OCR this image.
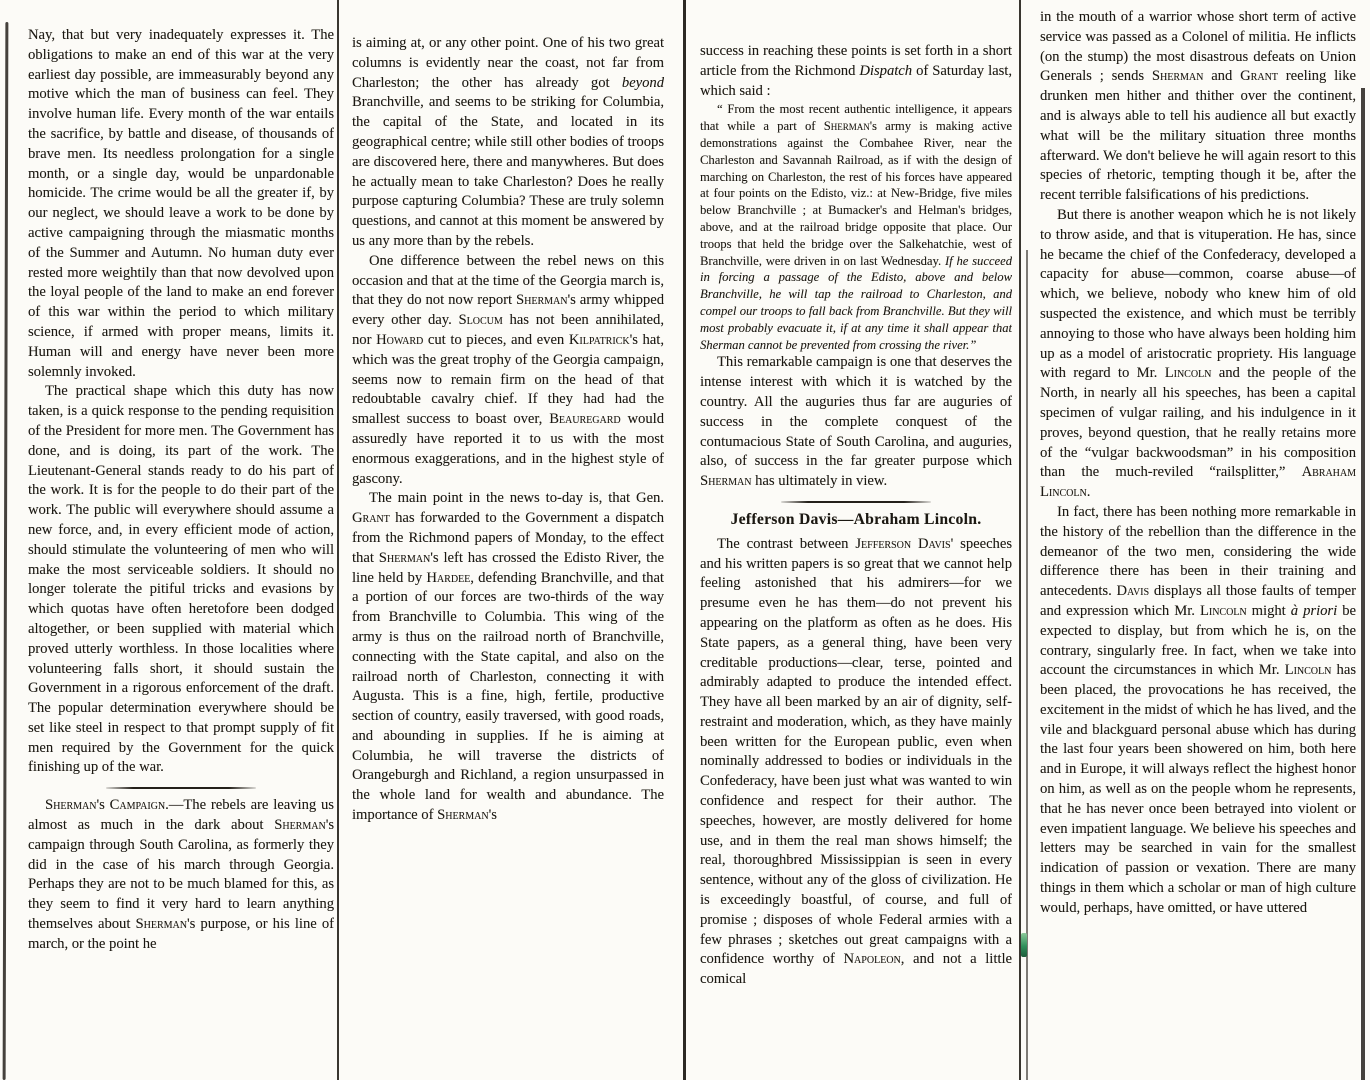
Nay, that but very inadequately expresses it. The obligations to make an end of this war at the very earliest day possible, are immeasurably beyond any motive which the man of business can feel. They involve human life. Every month of the war entails the sacrifice, by battle and disease, of thousands of brave men. Its needless prolongation for a single month, or a single day, would be unpardonable homicide. The crime would be all the greater if, by our neglect, we should leave a work to be done by active campaigning through the miasmatic months of the Summer and Autumn. No human duty ever rested more weightily than that now devolved upon the loyal people of the land to make an end forever of this war within the period to which military science, if armed with proper means, limits it. Human will and energy have never been more solemnly invoked.

The practical shape which this duty has now taken, is a quick response to the pending requisition of the President for more men. The Government has done, and is doing, its part of the work. The Lieutenant-General stands ready to do his part of the work. It is for the people to do their part of the work. The public will everywhere should assume a new force, and, in every efficient mode of action, should stimulate the volunteering of men who will make the most serviceable soldiers. It should no longer tolerate the pitiful tricks and evasions by which quotas have often heretofore been dodged altogether, or been supplied with material which proved utterly worthless. In those localities where volunteering falls short, it should sustain the Government in a rigorous enforcement of the draft. The popular determination everywhere should be set like steel in respect to that prompt supply of fit men required by the Government for the quick finishing up of the war.

Sherman's Campaign.—The rebels are leaving us almost as much in the dark about Sherman's campaign through South Carolina, as formerly they did in the case of his march through Georgia. Perhaps they are not to be much blamed for this, as they seem to find it very hard to learn anything themselves about Sherman's purpose, or his line of march, or the point he

is aiming at, or any other point. One of his two great columns is evidently near the coast, not far from Charleston; the other has already got beyond Branchville, and seems to be striking for Columbia, the capital of the State, and located in its geographical centre; while still other bodies of troops are discovered here, there and manywheres. But does he actually mean to take Charleston? Does he really purpose capturing Columbia? These are truly solemn questions, and cannot at this moment be answered by us any more than by the rebels.

One difference between the rebel news on this occasion and that at the time of the Georgia march is, that they do not now report Sherman's army whipped every other day. Slocum has not been annihilated, nor Howard cut to pieces, and even Kilpatrick's hat, which was the great trophy of the Georgia campaign, seems now to remain firm on the head of that redoubtable cavalry chief. If they had had the smallest success to boast over, Beauregard would assuredly have reported it to us with the most enormous exaggerations, and in the highest style of gascony.

The main point in the news to-day is, that Gen. Grant has forwarded to the Government a dispatch from the Richmond papers of Monday, to the effect that Sherman's left has crossed the Edisto River, the line held by Hardee, defending Branchville, and that a portion of our forces are two-thirds of the way from Branchville to Columbia. This wing of the army is thus on the railroad north of Branchville, connecting with the State capital, and also on the railroad north of Charleston, connecting it with Augusta. This is a fine, high, fertile, productive section of country, easily traversed, with good roads, and abounding in supplies. If he is aiming at Columbia, he will traverse the districts of Orangeburgh and Richland, a region unsurpassed in the whole land for wealth and abundance. The importance of Sherman's

success in reaching these points is set forth in a short article from the Richmond Dispatch of Saturday last, which said :

“ From the most recent authentic intelligence, it appears that while a part of Sherman's army is making active demonstrations against the Combahee River, near the Charleston and Savannah Railroad, as if with the design of marching on Charleston, the rest of his forces have appeared at four points on the Edisto, viz.: at New-Bridge, five miles below Branchville ; at Bumacker's and Helman's bridges, above, and at the railroad bridge opposite that place. Our troops that held the bridge over the Salkehatchie, west of Branchville, were driven in on last Wednesday. If he succeed in forcing a passage of the Edisto, above and below Branchville, he will tap the railroad to Charleston, and compel our troops to fall back from Branchville. But they will most probably evacuate it, if at any time it shall appear that Sherman cannot be prevented from crossing the river.”

This remarkable campaign is one that deserves the intense interest with which it is watched by the country. All the auguries thus far are auguries of success in the complete conquest of the contumacious State of South Carolina, and auguries, also, of success in the far greater purpose which Sherman has ultimately in view.

Jefferson Davis—Abraham Lincoln.

The contrast between Jefferson Davis' speeches and his written papers is so great that we cannot help feeling astonished that his admirers—for we presume even he has them—do not prevent his appearing on the platform as often as he does. His State papers, as a general thing, have been very creditable productions—clear, terse, pointed and admirably adapted to produce the intended effect. They have all been marked by an air of dignity, self-restraint and moderation, which, as they have mainly been written for the European public, even when nominally addressed to bodies or individuals in the Confederacy, have been just what was wanted to win confidence and respect for their author. The speeches, however, are mostly delivered for home use, and in them the real man shows himself; the real, thoroughbred Mississippian is seen in every sentence, without any of the gloss of civilization. He is exceedingly boastful, of course, and full of promise ; disposes of whole Federal armies with a few phrases ; sketches out great campaigns with a confidence worthy of Napoleon, and not a little comical

in the mouth of a warrior whose short term of active service was passed as a Colonel of militia. He inflicts (on the stump) the most disastrous defeats on Union Generals ; sends Sherman and Grant reeling like drunken men hither and thither over the continent, and is always able to tell his audience all but exactly what will be the military situation three months afterward. We don't believe he will again resort to this species of rhetoric, tempting though it be, after the recent terrible falsifications of his predictions.

But there is another weapon which he is not likely to throw aside, and that is vituperation. He has, since he became the chief of the Confederacy, developed a capacity for abuse—common, coarse abuse—of which, we believe, nobody who knew him of old suspected the existence, and which must be terribly annoying to those who have always been holding him up as a model of aristocratic propriety. His language with regard to Mr. Lincoln and the people of the North, in nearly all his speeches, has been a capital specimen of vulgar railing, and his indulgence in it proves, beyond question, that he really retains more of the “vulgar backwoodsman” in his composition than the much-reviled “railsplitter,” Abraham Lincoln.

In fact, there has been nothing more remarkable in the history of the rebellion than the difference in the demeanor of the two men, considering the wide difference there has been in their training and antecedents. Davis displays all those faults of temper and expression which Mr. Lincoln might à priori be expected to display, but from which he is, on the contrary, singularly free. In fact, when we take into account the circumstances in which Mr. Lincoln has been placed, the provocations he has received, the excitement in the midst of which he has lived, and the vile and blackguard personal abuse which has during the last four years been showered on him, both here and in Europe, it will always reflect the highest honor on him, as well as on the people whom he represents, that he has never once been betrayed into violent or even impatient language. We believe his speeches and letters may be searched in vain for the smallest indication of passion or vexation. There are many things in them which a scholar or man of high culture would, perhaps, have omitted, or have uttered
